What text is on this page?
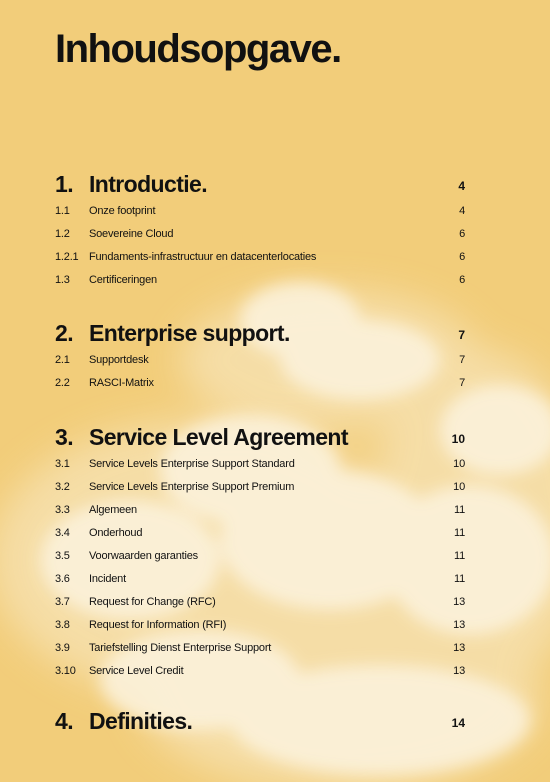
Inhoudsopgave.
1. Introductie.	4
1.1 Onze footprint	4
1.2 Soevereine Cloud	6
1.2.1 Fundaments-infrastructuur en datacenterlocaties	6
1.3 Certificeringen	6
2. Enterprise support.	7
2.1 Supportdesk	7
2.2 RASCI-Matrix	7
3. Service Level Agreement	10
3.1 Service Levels Enterprise Support Standard	10
3.2 Service Levels Enterprise Support Premium	10
3.3 Algemeen	11
3.4 Onderhoud	11
3.5 Voorwaarden garanties	11
3.6 Incident	11
3.7 Request for Change (RFC)	13
3.8 Request for Information (RFI)	13
3.9 Tariefstelling Dienst Enterprise Support	13
3.10 Service Level Credit	13
4. Definities.	14
